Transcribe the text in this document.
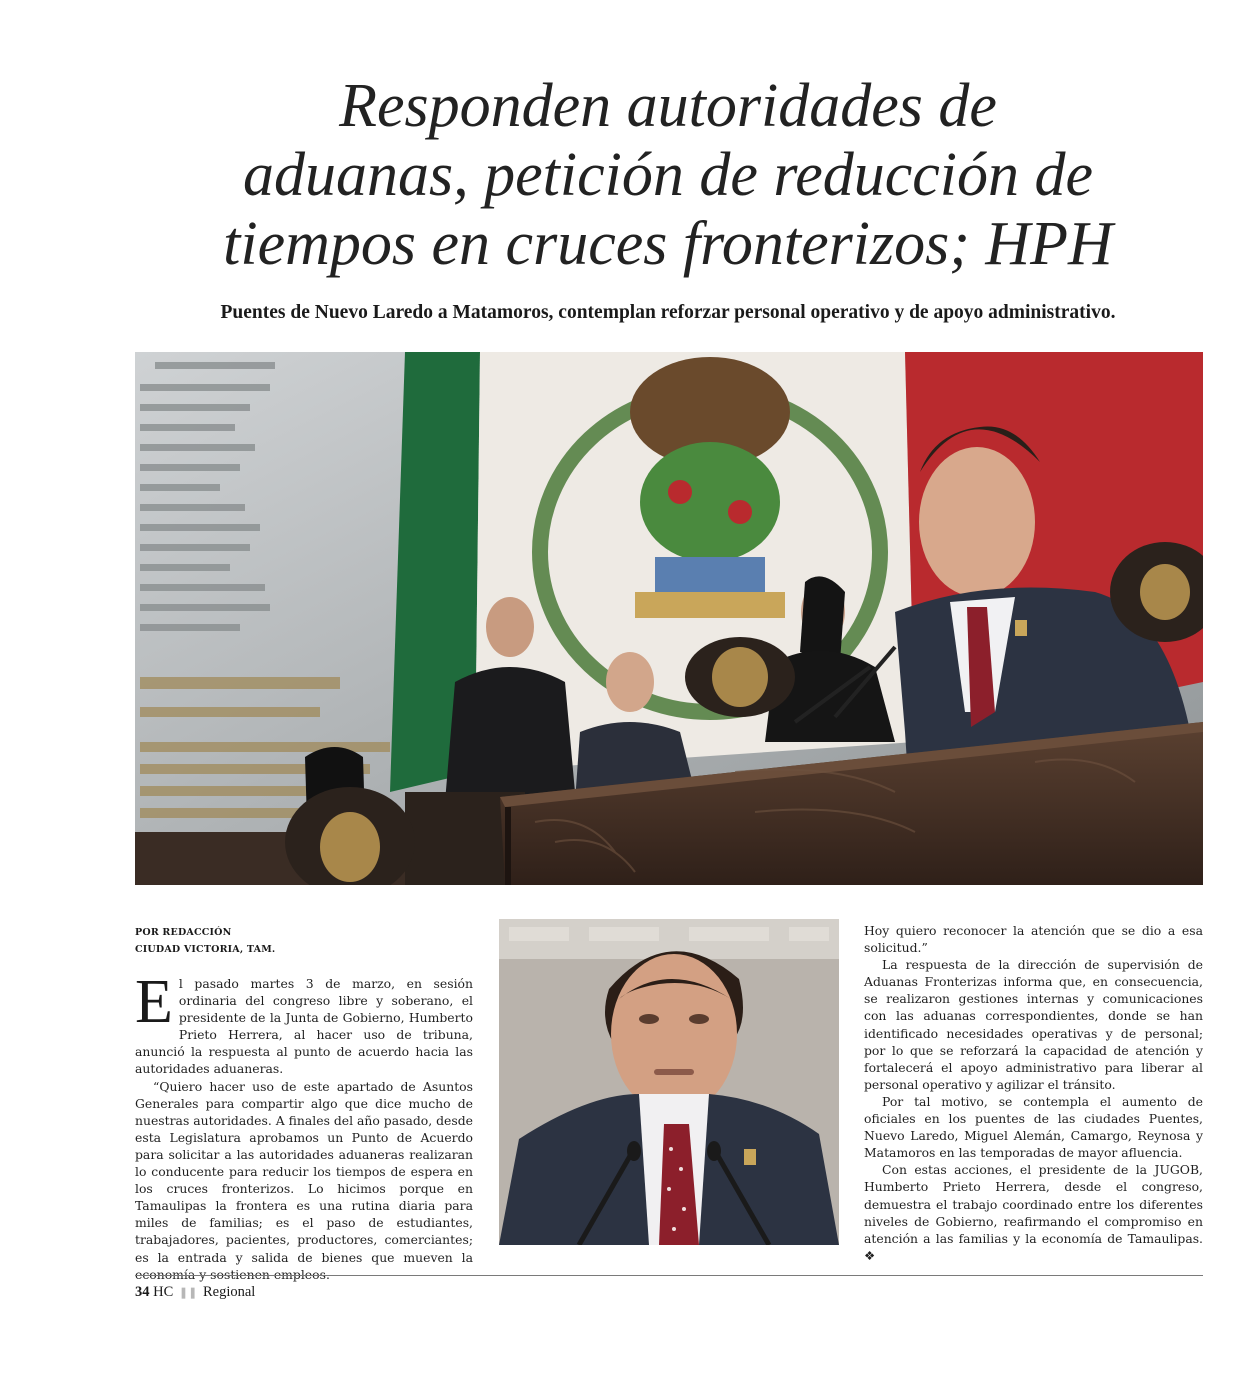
Responden autoridades de
aduanas, petición de reducción de
tiempos en cruces fronterizos; HPH

Puentes de Nuevo Laredo a Matamoros, contemplan reforzar personal operativo y de apoyo administrativo.

POR REDACCIÓN
CIUDAD VICTORIA, TAM.

El pasado martes 3 de marzo, en sesión ordinaria del congreso libre y soberano, el presidente de la Junta de Gobierno, Humberto Prieto Herrera, al hacer uso de tribuna, anunció la respuesta al punto de acuerdo hacia las autoridades aduaneras.

“Quiero hacer uso de este apartado de Asuntos Generales para compartir algo que dice mucho de nuestras autoridades. A finales del año pasado, desde esta Legislatura aprobamos un Punto de Acuerdo para solicitar a las autoridades aduaneras realizaran lo conducente para reducir los tiempos de espera en los cruces fronterizos. Lo hicimos porque en Tamaulipas la frontera es una rutina diaria para miles de familias; es el paso de estudiantes, trabajadores, pacientes, productores, comerciantes; es la entrada y salida de bienes que mueven la economía y sostienen empleos.

Hoy quiero reconocer la atención que se dio a esa solicitud.”

La respuesta de la dirección de supervisión de Aduanas Fronterizas informa que, en consecuencia, se realizaron gestiones internas y comunicaciones con las aduanas correspondientes, donde se han identificado necesidades operativas y de personal; por lo que se reforzará la capacidad de atención y fortalecerá el apoyo administrativo para liberar al personal operativo y agilizar el tránsito.

Por tal motivo, se contempla el aumento de oficiales en los puentes de las ciudades Puentes, Nuevo Laredo, Miguel Alemán, Camargo, Reynosa y Matamoros en las temporadas de mayor afluencia.

Con estas acciones, el presidente de la JUGOB, Humberto Prieto Herrera, desde el congreso, demuestra el trabajo coordinado entre los diferentes niveles de Gobierno, reafirmando el compromiso en atención a las familias y la economía de Tamaulipas. ❖

34 HC ❚❚ Regional
